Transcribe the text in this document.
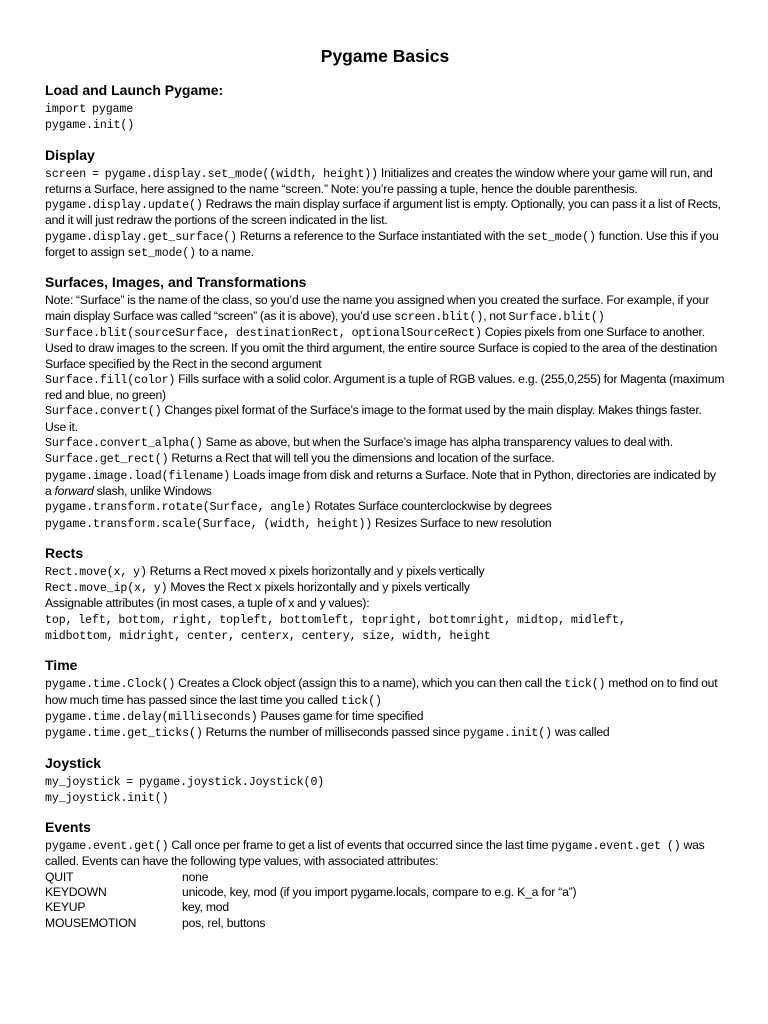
Pygame Basics
Load and Launch Pygame:
import pygame
pygame.init()
Display
screen = pygame.display.set_mode((width, height)) Initializes and creates the window where your game will run, and returns a Surface, here assigned to the name “screen.” Note: you’re passing a tuple, hence the double parenthesis.
pygame.display.update() Redraws the main display surface if argument list is empty. Optionally, you can pass it a list of Rects, and it will just redraw the portions of the screen indicated in the list.
pygame.display.get_surface() Returns a reference to the Surface instantiated with the set_mode() function. Use this if you forget to assign set_mode() to a name.
Surfaces, Images, and Transformations
Note: “Surface” is the name of the class, so you’d use the name you assigned when you created the surface. For example, if your main display Surface was called “screen” (as it is above), you’d use screen.blit(), not Surface.blit()
Surface.blit(sourceSurface, destinationRect, optionalSourceRect) Copies pixels from one Surface to another. Used to draw images to the screen. If you omit the third argument, the entire source Surface is copied to the area of the destination Surface specified by the Rect in the second argument
Surface.fill(color) Fills surface with a solid color. Argument is a tuple of RGB values. e.g. (255,0,255) for Magenta (maximum red and blue, no green)
Surface.convert() Changes pixel format of the Surface’s image to the format used by the main display. Makes things faster. Use it.
Surface.convert_alpha() Same as above, but when the Surface’s image has alpha transparency values to deal with.
Surface.get_rect() Returns a Rect that will tell you the dimensions and location of the surface.
pygame.image.load(filename) Loads image from disk and returns a Surface. Note that in Python, directories are indicated by a forward slash, unlike Windows
pygame.transform.rotate(Surface, angle) Rotates Surface counterclockwise by degrees
pygame.transform.scale(Surface, (width, height)) Resizes Surface to new resolution
Rects
Rect.move(x, y) Returns a Rect moved x pixels horizontally and y pixels vertically
Rect.move_ip(x, y) Moves the Rect x pixels horizontally and y pixels vertically
Assignable attributes (in most cases, a tuple of x and y values):
top, left, bottom, right, topleft, bottomleft, topright, bottomright, midtop, midleft,
midbottom, midright, center, centerx, centery, size, width, height
Time
pygame.time.Clock() Creates a Clock object (assign this to a name), which you can then call the tick() method on to find out how much time has passed since the last time you called tick()
pygame.time.delay(milliseconds) Pauses game for time specified
pygame.time.get_ticks() Returns the number of milliseconds passed since pygame.init() was called
Joystick
my_joystick = pygame.joystick.Joystick(0)
my_joystick.init()
Events
pygame.event.get() Call once per frame to get a list of events that occurred since the last time pygame.event.get () was called. Events can have the following type values, with associated attributes:
QUIT	none
KEYDOWN	unicode, key, mod (if you import pygame.locals, compare to e.g. K_a for “a”)
KEYUP	key, mod
MOUSEMOTION	pos, rel, buttons
